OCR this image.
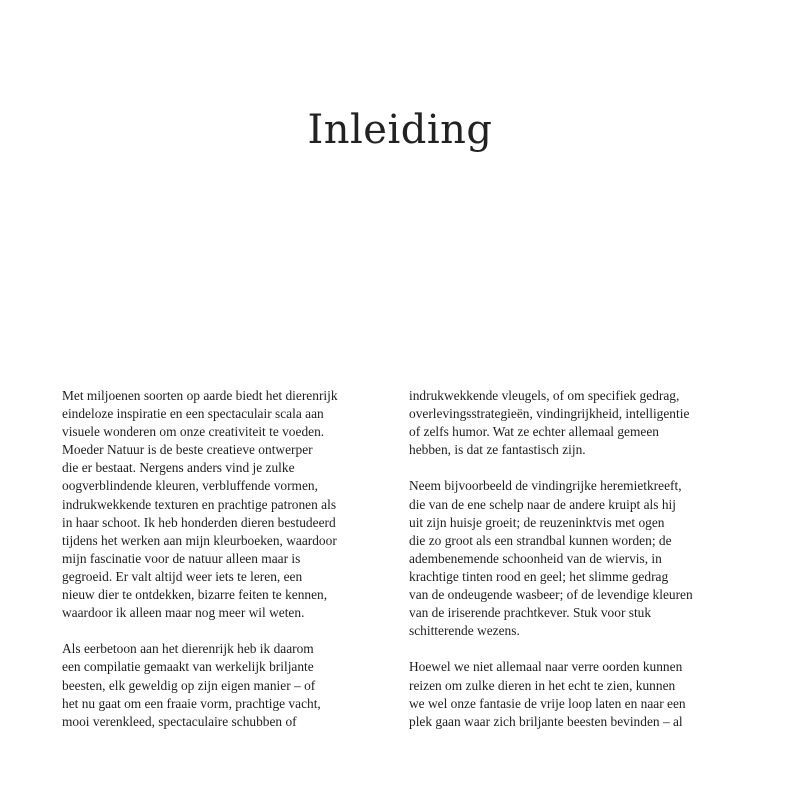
Inleiding

Met miljoenen soorten op aarde biedt het dierenrijk
eindeloze inspiratie en een spectaculair scala aan
visuele wonderen om onze creativiteit te voeden.
Moeder Natuur is de beste creatieve ontwerper
die er bestaat. Nergens anders vind je zulke
oogverblindende kleuren, verbluffende vormen,
indrukwekkende texturen en prachtige patronen als
in haar schoot. Ik heb honderden dieren bestudeerd
tijdens het werken aan mijn kleurboeken, waardoor
mijn fascinatie voor de natuur alleen maar is
gegroeid. Er valt altijd weer iets te leren, een
nieuw dier te ontdekken, bizarre feiten te kennen,
waardoor ik alleen maar nog meer wil weten.

Als eerbetoon aan het dierenrijk heb ik daarom
een compilatie gemaakt van werkelijk briljante
beesten, elk geweldig op zijn eigen manier – of
het nu gaat om een fraaie vorm, prachtige vacht,
mooi verenkleed, spectaculaire schubben of

indrukwekkende vleugels, of om specifiek gedrag,
overlevingsstrategieën, vindingrijkheid, intelligentie
of zelfs humor. Wat ze echter allemaal gemeen
hebben, is dat ze fantastisch zijn.

Neem bijvoorbeeld de vindingrijke heremietkreeft,
die van de ene schelp naar de andere kruipt als hij
uit zijn huisje groeit; de reuzeninktvis met ogen
die zo groot als een strandbal kunnen worden; de
adembenemende schoonheid van de wiervis, in
krachtige tinten rood en geel; het slimme gedrag
van de ondeugende wasbeer; of de levendige kleuren
van de iriserende prachtkever. Stuk voor stuk
schitterende wezens.

Hoewel we niet allemaal naar verre oorden kunnen
reizen om zulke dieren in het echt te zien, kunnen
we wel onze fantasie de vrije loop laten en naar een
plek gaan waar zich briljante beesten bevinden – al
